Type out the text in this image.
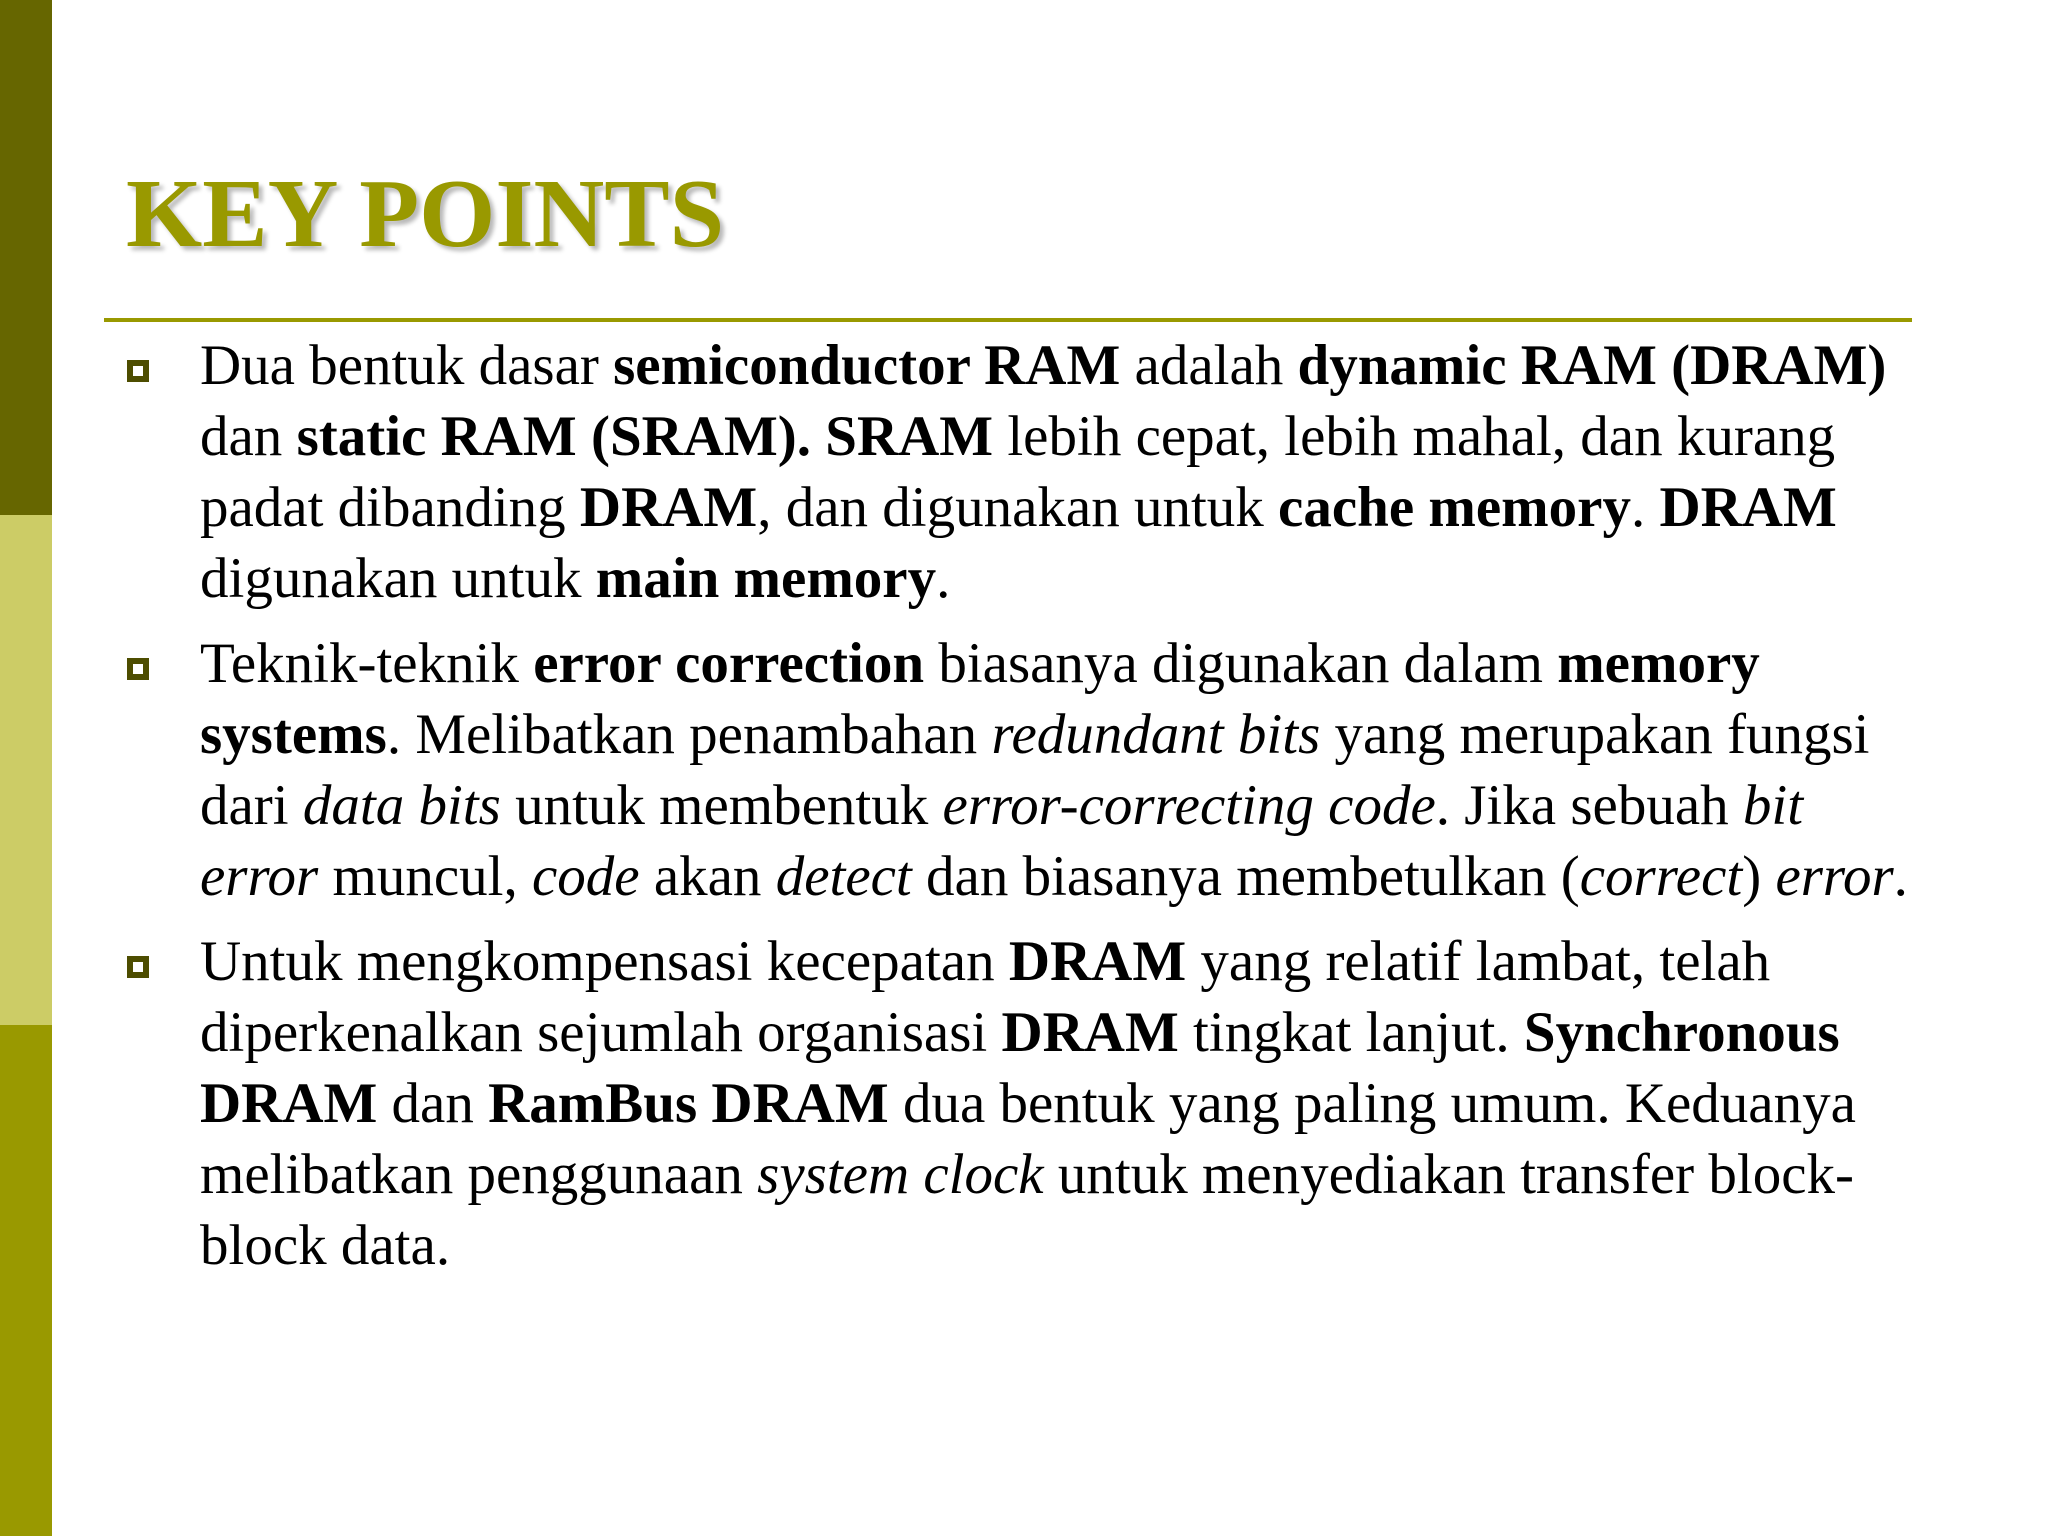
KEY POINTS
Dua bentuk dasar semiconductor RAM adalah dynamic RAM (DRAM) dan static RAM (SRAM). SRAM lebih cepat, lebih mahal, dan kurang padat dibanding DRAM, dan digunakan untuk cache memory. DRAM digunakan untuk main memory.
Teknik-teknik error correction biasanya digunakan dalam memory systems. Melibatkan penambahan redundant bits yang merupakan fungsi dari data bits untuk membentuk error-correcting code. Jika sebuah bit error muncul, code akan detect dan biasanya membetulkan (correct) error.
Untuk mengkompensasi kecepatan DRAM yang relatif lambat, telah diperkenalkan sejumlah organisasi DRAM tingkat lanjut. Synchronous DRAM dan RamBus DRAM dua bentuk yang paling umum. Keduanya melibatkan penggunaan system clock untuk menyediakan transfer block-block data.
